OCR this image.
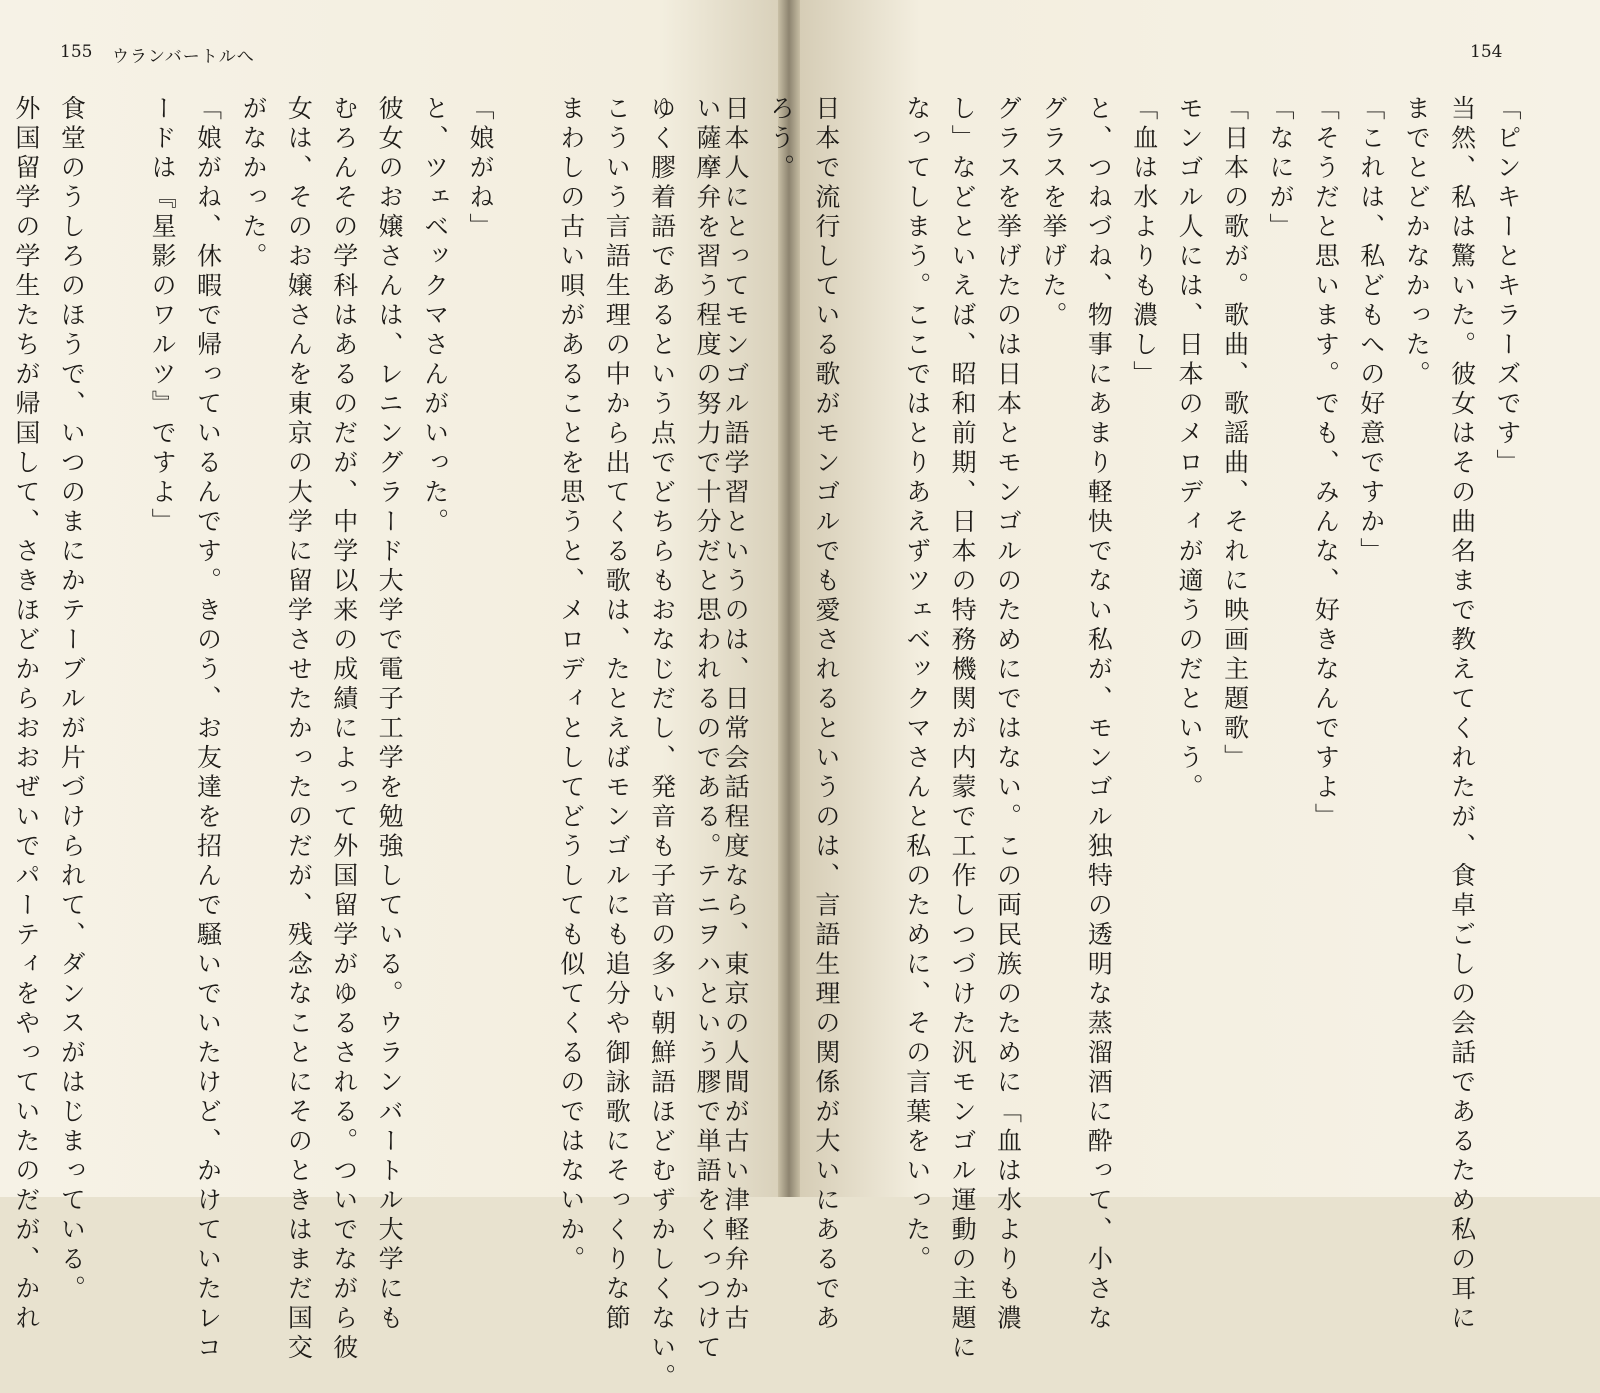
155 ウランバートルへ
い薩摩弁を習う程度の努力で十分だと思われるのである。テニヲハという膠で単語をくっつけて
ゆく膠着語であるという点でどちらもおなじだし、発音も子音の多い朝鮮語ほどむずかしくない。
こういう言語生理の中から出てくる歌は、たとえばモンゴルにも追分や御詠歌にそっくりな節
まわしの古い唄があることを思うと、メロディとしてどうしても似てくるのではないか。
「娘がね」
と、ツェベックマさんがいった。
彼女のお嬢さんは、レニングラード大学で電子工学を勉強している。ウランバートル大学にも
むろんその学科はあるのだが、中学以来の成績によって外国留学がゆるされる。ついでながら彼
女は、そのお嬢さんを東京の大学に留学させたかったのだが、残念なことにそのときはまだ国交
がなかった。
「娘がね、休暇で帰っているんです。きのう、お友達を招んで騒いでいたけど、かけていたレコ
ードは『星影のワルツ』ですよ」
食堂のうしろのほうで、いつのまにかテーブルが片づけられて、ダンスがはじまっている。
外国留学の学生たちが帰国して、さきほどからおおぜいでパーティをやっていたのだが、かれ
154
「ピンキーとキラーズです」
当然、私は驚いた。彼女はその曲名まで教えてくれたが、食卓ごしの会話であるため私の耳に
までとどかなかった。
「これは、私どもへの好意ですか」
「そうだと思います。でも、みんな、好きなんですよ」
「なにが」
「日本の歌が。歌曲、歌謡曲、それに映画主題歌」
モンゴル人には、日本のメロディが適うのだという。
「血は水よりも濃し」
と、つねづね、物事にあまり軽快でない私が、モンゴル独特の透明な蒸溜酒に酔って、小さな
グラスを挙げた。
グラスを挙げたのは日本とモンゴルのためにではない。この両民族のために「血は水よりも濃
し」などといえば、昭和前期、日本の特務機関が内蒙で工作しつづけた汎モンゴル運動の主題に
なってしまう。ここではとりあえずツェベックマさんと私のために、その言葉をいった。
日本で流行している歌がモンゴルでも愛されるというのは、言語生理の関係が大いにあるであ
ろう。
日本人にとってモンゴル語学習というのは、日常会話程度なら、東京の人間が古い津軽弁か古
